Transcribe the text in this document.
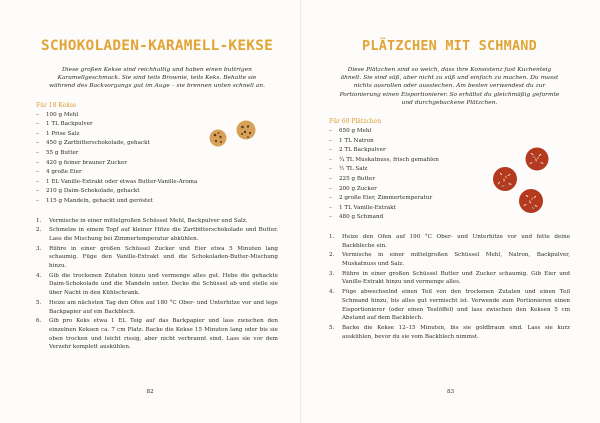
SCHOKOLADEN-KARAMELL-KEKSE
Diese großen Kekse sind reichhaltig und haben einen buttrigen Karamellgeschmack. Sie sind teils Brownie, teils Keks. Behalte sie während des Backvorgangs gut im Auge – sie brennen unten schnell an.
Für 18 Kekse
–	100 g Mehl
–	1 TL Backpulver
–	1 Prise Salz
–	450 g Zartbitterschokolade, gehackt
–	55 g Butter
–	420 g feiner brauner Zucker
–	4 große Eier
–	1 EL Vanille-Extrakt oder etwas Butter-Vanille-Aroma
–	210 g Daim-Schokolade, gehackt
–	115 g Mandeln, gehackt und geröstet
1.	Vermische in einer mittelgroßen Schüssel Mehl, Backpulver und Salz.
2.	Schmelze in einem Topf auf kleiner Hitze die Zartbitterschokolade und Butter. Lass die Mischung bei Zimmertemperatur abkühlen.
3.	Rühre in einer großen Schüssel Zucker und Eier etwa 5 Minuten lang schaumig. Füge den Vanille-Extrakt und die Schokoladen-Butter-Mischung hinzu.
4.	Gib die trockenen Zutaten hinzu und vermenge alles gut. Hebe die gehackte Daim-Schokolade und die Mandeln unter. Decke die Schüssel ab und stelle sie über Nacht in den Kühlschrank.
5.	Heize am nächsten Tag den Ofen auf 180 °C Ober- und Unterhitze vor und lege Backpapier auf ein Backblech.
6.	Gib pro Keks etwa 1 EL Teig auf das Backpapier und lass zwischen den einzelnen Keksen ca. 7 cm Platz. Backe die Kekse 15 Minuten lang oder bis sie oben trocken und leicht rissig, aber nicht verbrannt sind. Lass sie vor dem Verzehr komplett auskühlen.
82
PLÄTZCHEN MIT SCHMAND
Diese Plätzchen sind so weich, dass ihre Konsistenz fast Kuchenteig ähnelt. Sie sind süß, aber nicht zu süß und einfach zu machen. Du musst nichts ausrollen oder ausstechen. Am besten verwendest du zur Portionierung einen Eisportionierer. So erhältst du gleichmäßig geformte und durchgebackene Plätzchen.
Für 60 Plätzchen
–	650 g Mehl
–	1 TL Natron
–	2 TL Backpulver
–	¼ TL Muskatnuss, frisch gemahlen
–	½ TL Salz
–	225 g Butter
–	200 g Zucker
–	2 große Eier, Zimmertemperatur
–	1 TL Vanille-Extrakt
–	480 g Schmand
1.	Heize den Ofen auf 190 °C Ober- und Unterhitze vor und fette deine Backbleche ein.
2.	Vermische in einer mittelgroßen Schüssel Mehl, Natron, Backpulver, Muskatnuss und Salz.
3.	Rühre in einer großen Schüssel Butter und Zucker schaumig. Gib Eier und Vanille-Extrakt hinzu und vermenge alles.
4.	Füge abwechselnd einen Teil von den trockenen Zutaten und einen Teil Schmand hinzu, bis alles gut vermischt ist. Verwende zum Portionieren einen Eisportionierer (oder einen Teelöffel) und lass zwischen den Keksen 5 cm Abstand auf dem Backblech.
5.	Backe die Kekse 12–15 Minuten, bis sie goldbraun sind. Lass sie kurz auskühlen, bevor du sie vom Backblech nimmst.
83
